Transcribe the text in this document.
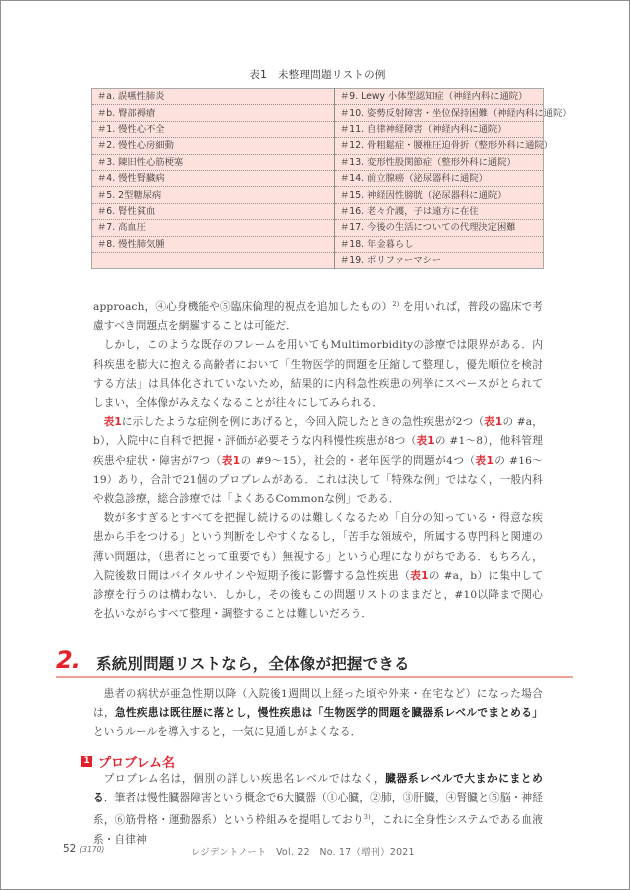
表1　未整理問題リストの例
＃a. 誤嚥性肺炎	＃9. Lewy 小体型認知症（神経内科に通院）
＃b. 臀部褥瘡	＃10. 姿勢反射障害・坐位保持困難（神経内科に通院）
＃1. 慢性心不全	＃11. 自律神経障害（神経内科に通院）
＃2. 慢性心房細動	＃12. 骨粗鬆症・腰椎圧迫骨折（整形外科に通院）
＃3. 陳旧性心筋梗塞	＃13. 変形性股関節症（整形外科に通院）
＃4. 慢性腎臓病	＃14. 前立腺癌（泌尿器科に通院）
＃5. 2型糖尿病	＃15. 神経因性膀胱（泌尿器科に通院）
＃6. 腎性貧血	＃16. 老々介護，子は遠方に在住
＃7. 高血圧	＃17. 今後の生活についての代理決定困難
＃8. 慢性肺気腫	＃18. 年金暮らし
	＃19. ポリファーマシー

approach，④心身機能や⑤臨床倫理的視点を追加したもの）$^{2)}$ を用いれば，普段の臨床で考慮すべき問題点を網羅することは可能だ．

しかし，このような既存のフレームを用いてもMultimorbidityの診療では限界がある．内科疾患を膨大に抱える高齢者において「生物医学的問題を圧縮して整理し，優先順位を検討する方法」は具体化されていないため，結果的に内科急性疾患の列挙にスペースがとられてしまい，全体像がみえなくなることが往々にしてみられる．

表1に示したような症例を例にあげると，今回入院したときの急性疾患が2つ（表1の #a，b），入院中に自科で把握・評価が必要そうな内科慢性疾患が8つ（表1の #1〜8），他科管理疾患や症状・障害が7つ（表1の #9〜15），社会的・老年医学的問題が4つ（表1の #16〜19）あり，合計で21個のプロブレムがある．これは決して「特殊な例」ではなく，一般内科や救急診療，総合診療では「よくあるCommonな例」である．

数が多すぎるとすべてを把握し続けるのは難しくなるため「自分の知っている・得意な疾患から手をつける」という判断をしやすくなるし，「苦手な領域や，所属する専門科と関連の薄い問題は，（患者にとって重要でも）無視する」という心理になりがちである．もちろん，入院後数日間はバイタルサインや短期予後に影響する急性疾患（表1の #a，b）に集中して診療を行うのは構わない．しかし，その後もこの問題リストのままだと，#10以降まで関心を払いながらすべて整理・調整することは難しいだろう．

2. 系統別問題リストなら，全体像が把握できる

患者の病状が亜急性期以降（入院後1週間以上経った頃や外来・在宅など）になった場合は，急性疾患は既往歴に落とし，慢性疾患は「生物医学的問題を臓器系レベルでまとめる」というルールを導入すると，一気に見通しがよくなる．

1 プロブレム名

プロブレム名は，個別の詳しい疾患名レベルではなく，臓器系レベルで大まかにまとめる．筆者は慢性臓器障害という概念で6大臓器（①心臓，②肺，③肝臓，④腎臓と⑤脳・神経系，⑥筋骨格・運動器系）という枠組みを提唱しており$^{3)}$，これに全身性システムである血液系・自律神

52 (3170)	レジデントノート　Vol. 22　No. 17（増刊）2021
